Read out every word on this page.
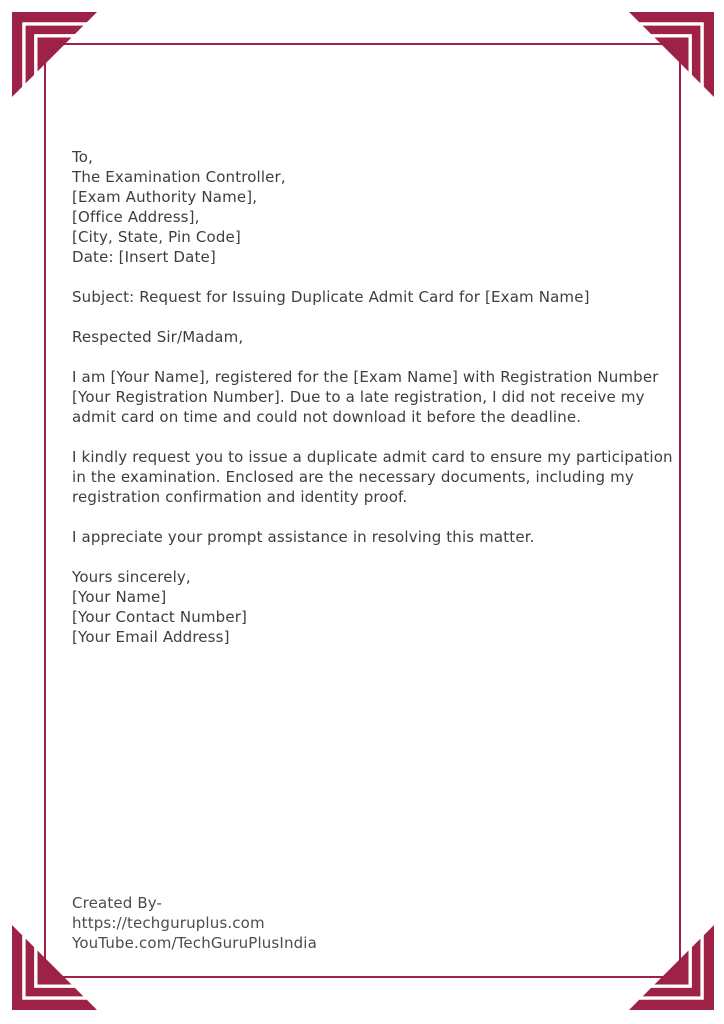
To,
The Examination Controller,
[Exam Authority Name],
[Office Address],
[City, State, Pin Code]
Date: [Insert Date]
Subject: Request for Issuing Duplicate Admit Card for [Exam Name]
Respected Sir/Madam,
I am [Your Name], registered for the [Exam Name] with Registration Number
[Your Registration Number]. Due to a late registration, I did not receive my
admit card on time and could not download it before the deadline.
I kindly request you to issue a duplicate admit card to ensure my participation
in the examination. Enclosed are the necessary documents, including my
registration confirmation and identity proof.
I appreciate your prompt assistance in resolving this matter.
Yours sincerely,
[Your Name]
[Your Contact Number]
[Your Email Address]
Created By-
https://techguruplus.com
YouTube.com/TechGuruPlusIndia
